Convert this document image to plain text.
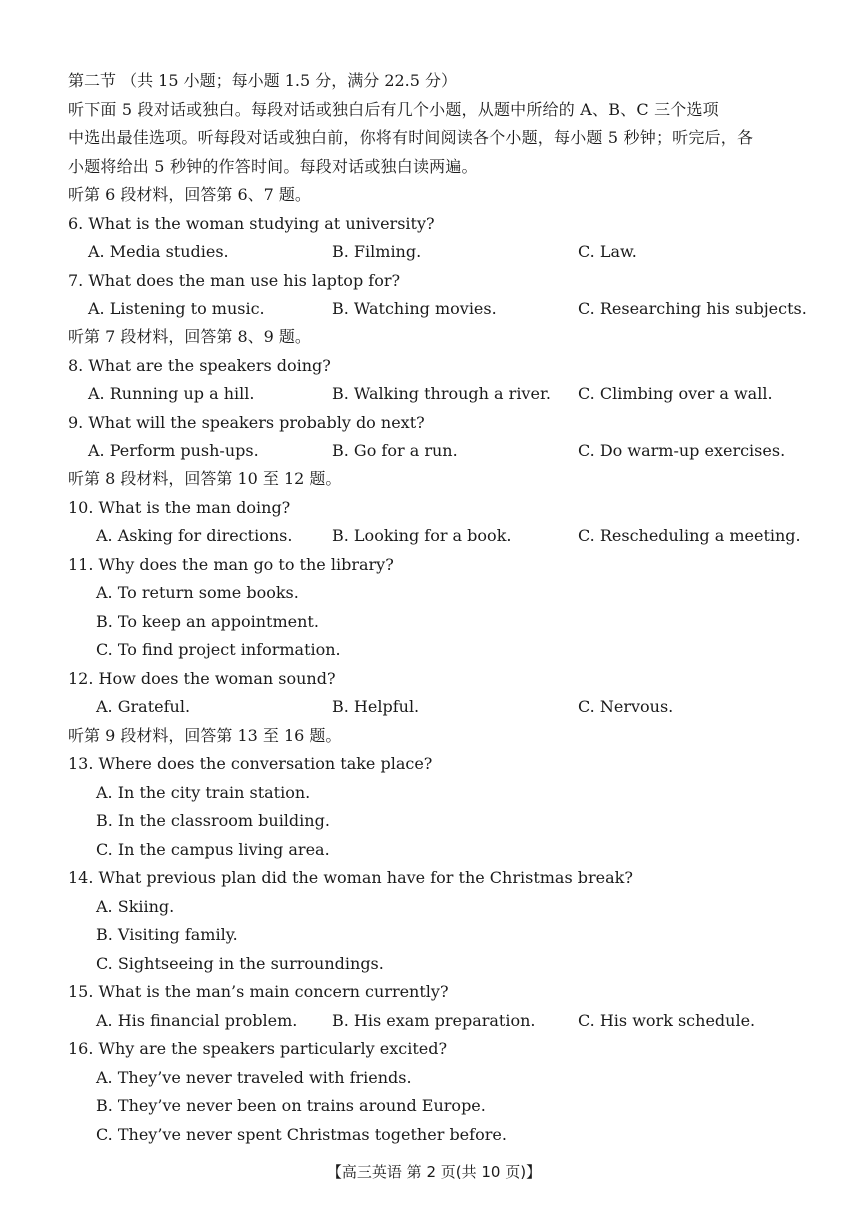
第二节 （共 15 小题；每小题 1.5 分，满分 22.5 分）
听下面 5 段对话或独白。每段对话或独白后有几个小题，从题中所给的 A、B、C 三个选项
中选出最佳选项。听每段对话或独白前，你将有时间阅读各个小题，每小题 5 秒钟；听完后，各
小题将给出 5 秒钟的作答时间。每段对话或独白读两遍。
听第 6 段材料，回答第 6、7 题。
6. What is the woman studying at university?
A. Media studies.	B. Filming.	C. Law.
7. What does the man use his laptop for?
A. Listening to music.	B. Watching movies.	C. Researching his subjects.
听第 7 段材料，回答第 8、9 题。
8. What are the speakers doing?
A. Running up a hill.	B. Walking through a river. C. Climbing over a wall.
9. What will the speakers probably do next?
A. Perform push-ups.	B. Go for a run.	C. Do warm-up exercises.
听第 8 段材料，回答第 10 至 12 题。
10. What is the man doing?
A. Asking for directions. B. Looking for a book.	C. Rescheduling a meeting.
11. Why does the man go to the library?
A. To return some books.
B. To keep an appointment.
C. To find project information.
12. How does the woman sound?
A. Grateful.	B. Helpful.	C. Nervous.
听第 9 段材料，回答第 13 至 16 题。
13. Where does the conversation take place?
A. In the city train station.
B. In the classroom building.
C. In the campus living area.
14. What previous plan did the woman have for the Christmas break?
A. Skiing.
B. Visiting family.
C. Sightseeing in the surroundings.
15. What is the man’s main concern currently?
A. His financial problem. B. His exam preparation.	C. His work schedule.
16. Why are the speakers particularly excited?
A. They’ve never traveled with friends.
B. They’ve never been on trains around Europe.
C. They’ve never spent Christmas together before.
【高三英语 第 2 页(共 10 页)】
